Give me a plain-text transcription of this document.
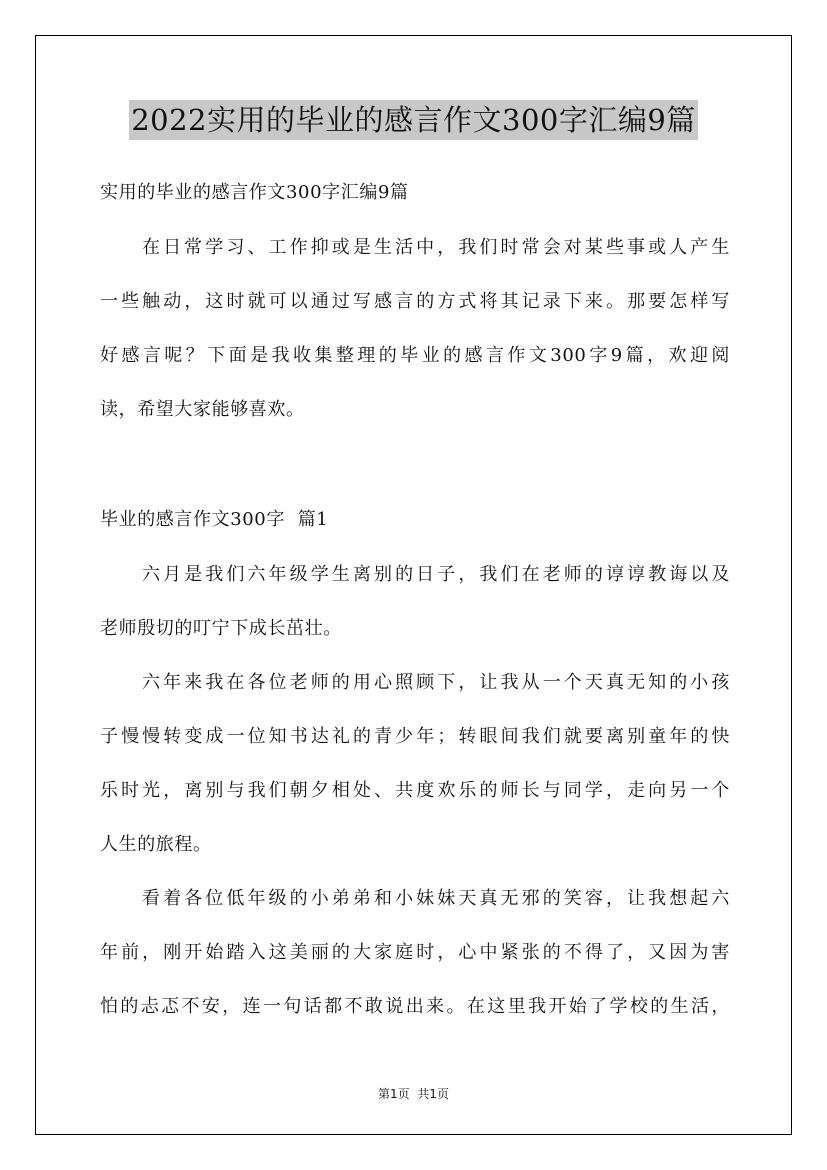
2022实用的毕业的感言作文300字汇编9篇
实用的毕业的感言作文300字汇编9篇
在日常学习、工作抑或是生活中，我们时常会对某些事或人产生
一些触动，这时就可以通过写感言的方式将其记录下来。那要怎样写
好感言呢？下面是我收集整理的毕业的感言作文300字9篇，欢迎阅
读，希望大家能够喜欢。
毕业的感言作文300字  篇1
六月是我们六年级学生离别的日子，我们在老师的谆谆教诲以及
老师殷切的叮宁下成长茁壮。
六年来我在各位老师的用心照顾下，让我从一个天真无知的小孩
子慢慢转变成一位知书达礼的青少年；转眼间我们就要离别童年的快
乐时光，离别与我们朝夕相处、共度欢乐的师长与同学，走向另一个
人生的旅程。
看着各位低年级的小弟弟和小妹妹天真无邪的笑容，让我想起六
年前，刚开始踏入这美丽的大家庭时，心中紧张的不得了，又因为害
怕的忐忑不安，连一句话都不敢说出来。在这里我开始了学校的生活，
第1页  共1页
